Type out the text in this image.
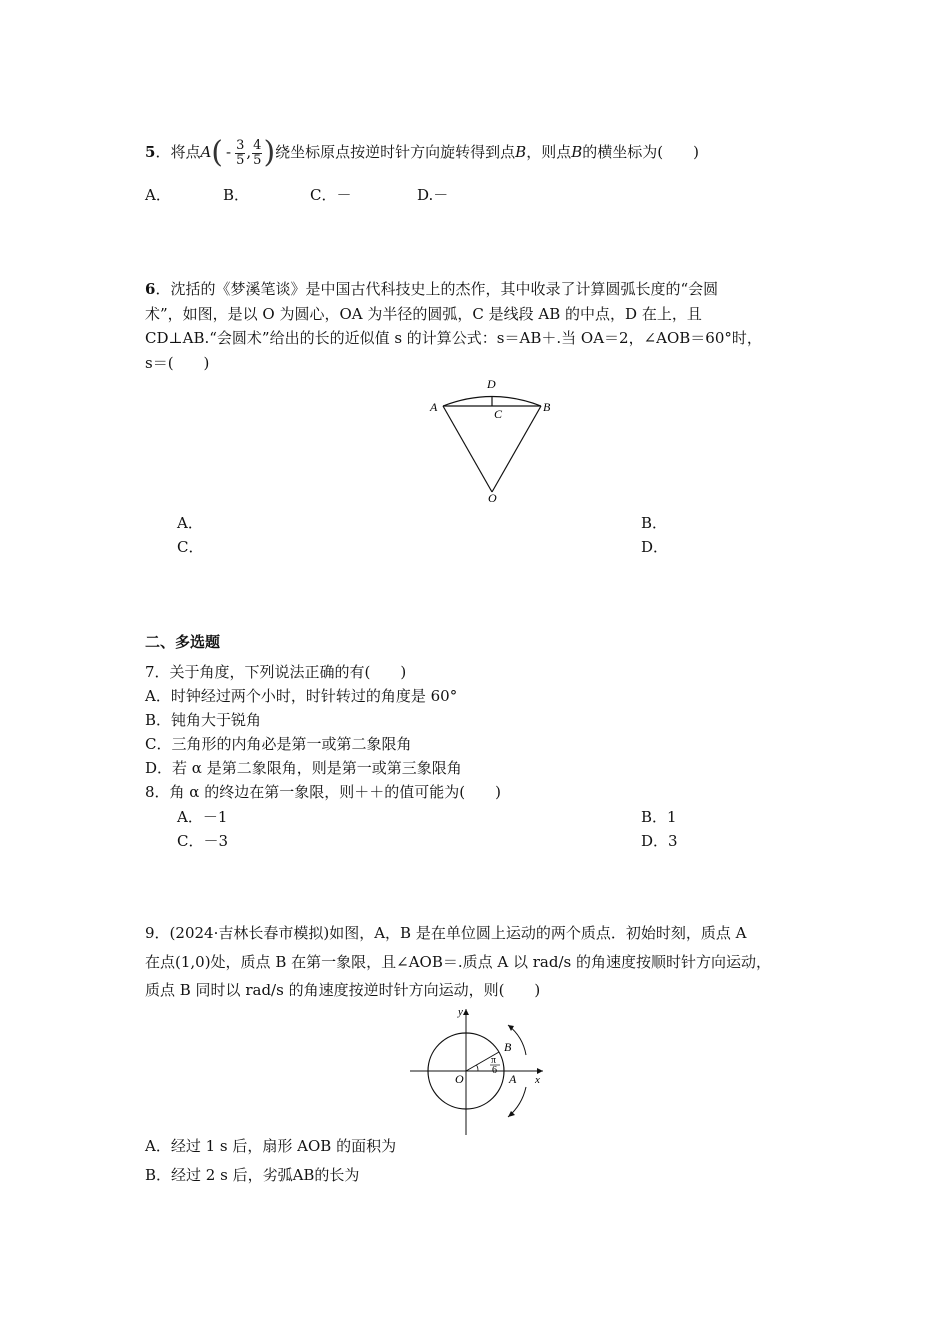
5．将点$A( - \frac{3}{5}$ , $\frac{4}{5}$ )绕坐标原点按逆时针方向旋转得到点B，则点B的横坐标为(　　)
A．	B．	C．－	D.－
6．沈括的《梦溪笔谈》是中国古代科技史上的杰作，其中收录了计算圆弧长度的“会圆
术”，如图，是以 O 为圆心，OA 为半径的圆弧，C 是线段 AB 的中点，D 在上，且
CD⊥AB.“会圆术”给出的长的近似值 s 的计算公式：s＝AB＋.当 OA＝2，∠AOB＝60°时，
s＝(　　)
D
A	C	B
O
A．	B．
C．	D．
二、多选题
7．关于角度，下列说法正确的有(　　)
A．时钟经过两个小时，时针转过的角度是 60°
B．钝角大于锐角
C．三角形的内角必是第一或第二象限角
D．若 α 是第二象限角，则是第一或第三象限角
8．角 α 的终边在第一象限，则＋＋的值可能为(　　)
A．－1	B．1
C．－3	D．3
9．(2024·吉林长春市模拟)如图，A，B 是在单位圆上运动的两个质点．初始时刻，质点 A
在点(1,0)处，质点 B 在第一象限，且∠AOB＝.质点 A 以 rad/s 的角速度按顺时针方向运动，
质点 B 同时以 rad/s 的角速度按逆时针方向运动，则(　　)
y
x
O	A
B
π
6
A．经过 1 s 后，扇形 AOB 的面积为
B．经过 2 s 后，劣弧AB的长为
